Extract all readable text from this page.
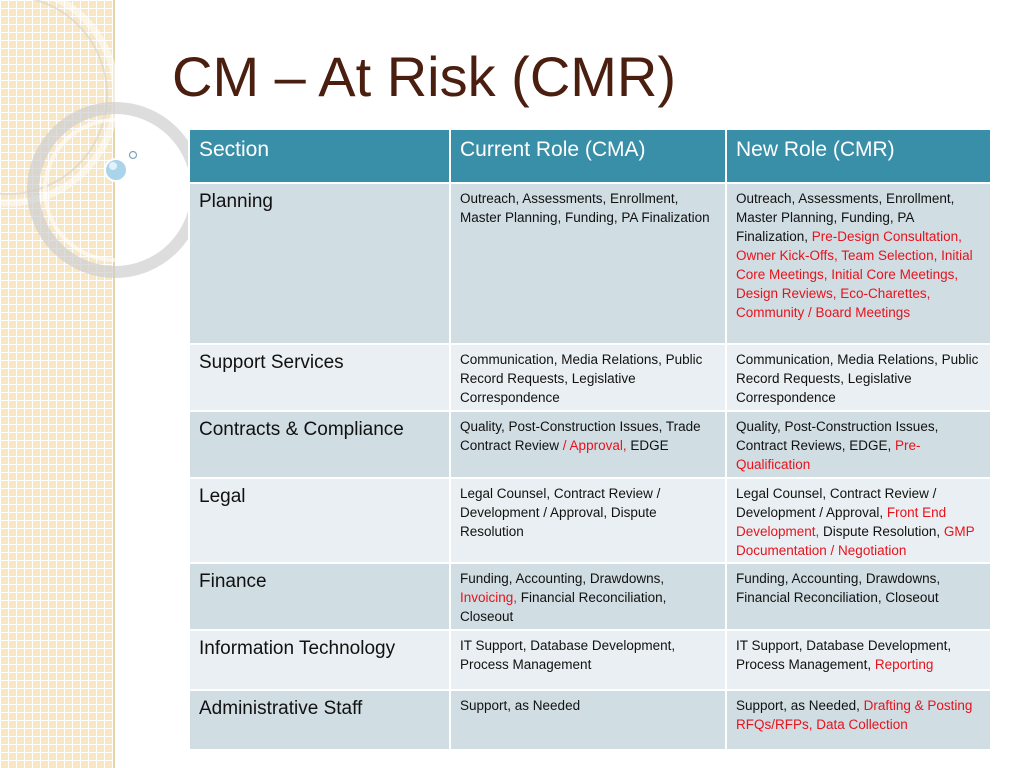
CM – At Risk (CMR)
Section	Current Role (CMA)	New Role (CMR)
Planning	Outreach, Assessments, Enrollment, Master Planning, Funding, PA Finalization	Outreach, Assessments, Enrollment, Master Planning, Funding, PA Finalization, Pre-Design Consultation, Owner Kick-Offs, Team Selection, Initial Core Meetings, Initial Core Meetings, Design Reviews, Eco-Charettes, Community / Board Meetings
Support Services	Communication, Media Relations, Public Record Requests, Legislative Correspondence	Communication, Media Relations, Public Record Requests, Legislative Correspondence
Contracts & Compliance	Quality, Post-Construction Issues, Trade Contract Review / Approval, EDGE	Quality, Post-Construction Issues, Contract Reviews, EDGE, Pre-Qualification
Legal	Legal Counsel, Contract Review / Development / Approval, Dispute Resolution	Legal Counsel, Contract Review / Development / Approval, Front End Development, Dispute Resolution, GMP Documentation / Negotiation
Finance	Funding, Accounting, Drawdowns, Invoicing, Financial Reconciliation, Closeout	Funding, Accounting, Drawdowns, Financial Reconciliation, Closeout
Information Technology	IT Support, Database Development, Process Management	IT Support, Database Development, Process Management, Reporting
Administrative Staff	Support, as Needed	Support, as Needed, Drafting & Posting RFQs/RFPs, Data Collection
